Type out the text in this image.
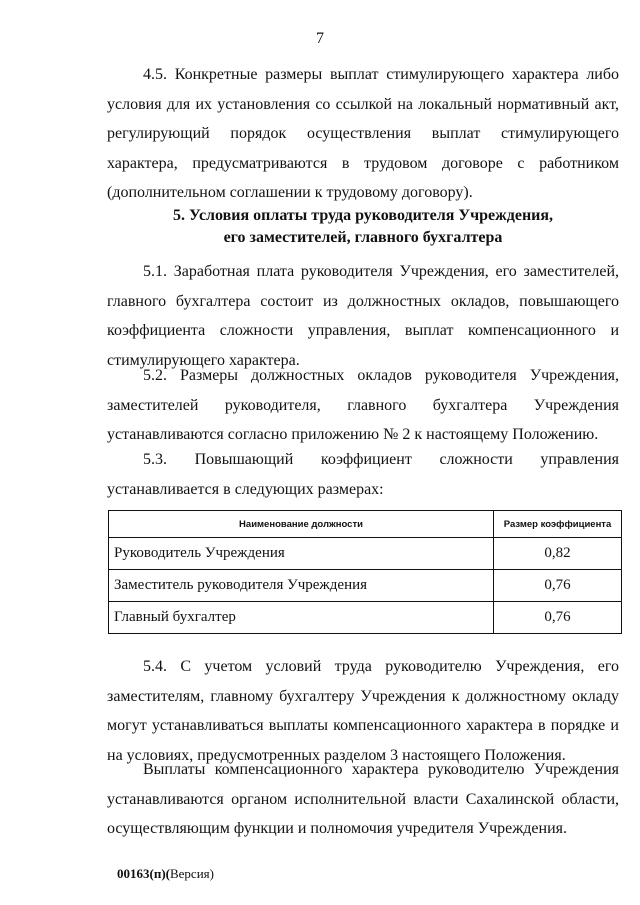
7

4.5. Конкретные размеры выплат стимулирующего характера либо условия для их установления со ссылкой на локальный нормативный акт, регулирующий порядок осуществления выплат стимулирующего характера, предусматриваются в трудовом договоре с работником (дополнительном соглашении к трудовому договору).

5. Условия оплаты труда руководителя Учреждения,
его заместителей, главного бухгалтера

5.1. Заработная плата руководителя Учреждения, его заместителей, главного бухгалтера состоит из должностных окладов, повышающего коэффициента сложности управления, выплат компенсационного и стимулирующего характера.

5.2. Размеры должностных окладов руководителя Учреждения, заместителей руководителя, главного бухгалтера Учреждения устанавливаются согласно приложению № 2 к настоящему Положению.

5.3. Повышающий коэффициент сложности управления устанавливается в следующих размерах:

Наименование должности	Размер коэффициента
Руководитель Учреждения	0,82
Заместитель руководителя Учреждения	0,76
Главный бухгалтер	0,76

5.4. С учетом условий труда руководителю Учреждения, его заместителям, главному бухгалтеру Учреждения к должностному окладу могут устанавливаться выплаты компенсационного характера в порядке и на условиях, предусмотренных разделом 3 настоящего Положения.

Выплаты компенсационного характера руководителю Учреждения устанавливаются органом исполнительной власти Сахалинской области, осуществляющим функции и полномочия учредителя Учреждения.

00163(п)(Версия)
